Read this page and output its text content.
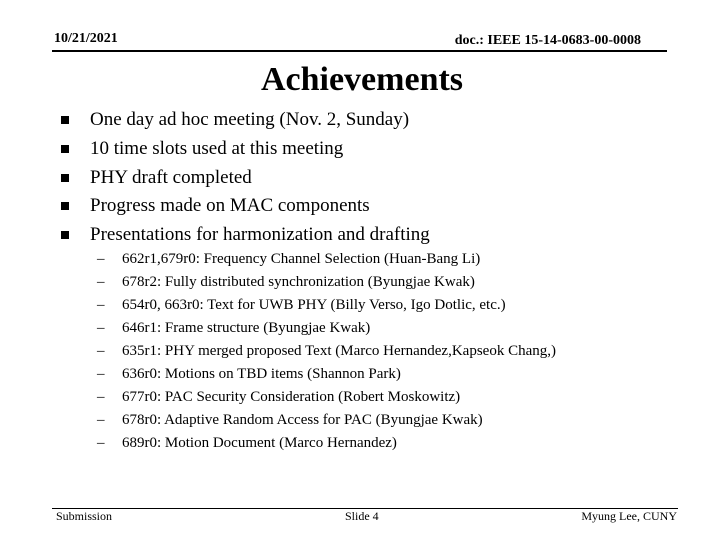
10/21/2021	doc.: IEEE 15-14-0683-00-0008
Achievements
One day ad hoc meeting (Nov. 2, Sunday)
10 time slots used at this meeting
PHY draft completed
Progress made on MAC components
Presentations for harmonization and drafting
– 662r1,679r0: Frequency Channel Selection (Huan-Bang Li)
– 678r2: Fully distributed synchronization (Byungjae Kwak)
– 654r0, 663r0: Text for UWB PHY (Billy Verso, Igo Dotlic, etc.)
– 646r1: Frame structure (Byungjae Kwak)
– 635r1: PHY merged proposed Text (Marco Hernandez,Kapseok Chang,)
– 636r0: Motions on TBD items (Shannon Park)
– 677r0: PAC Security Consideration (Robert Moskowitz)
– 678r0: Adaptive Random Access for PAC (Byungjae Kwak)
– 689r0: Motion Document (Marco Hernandez)
Submission	Slide 4	Myung Lee, CUNY
